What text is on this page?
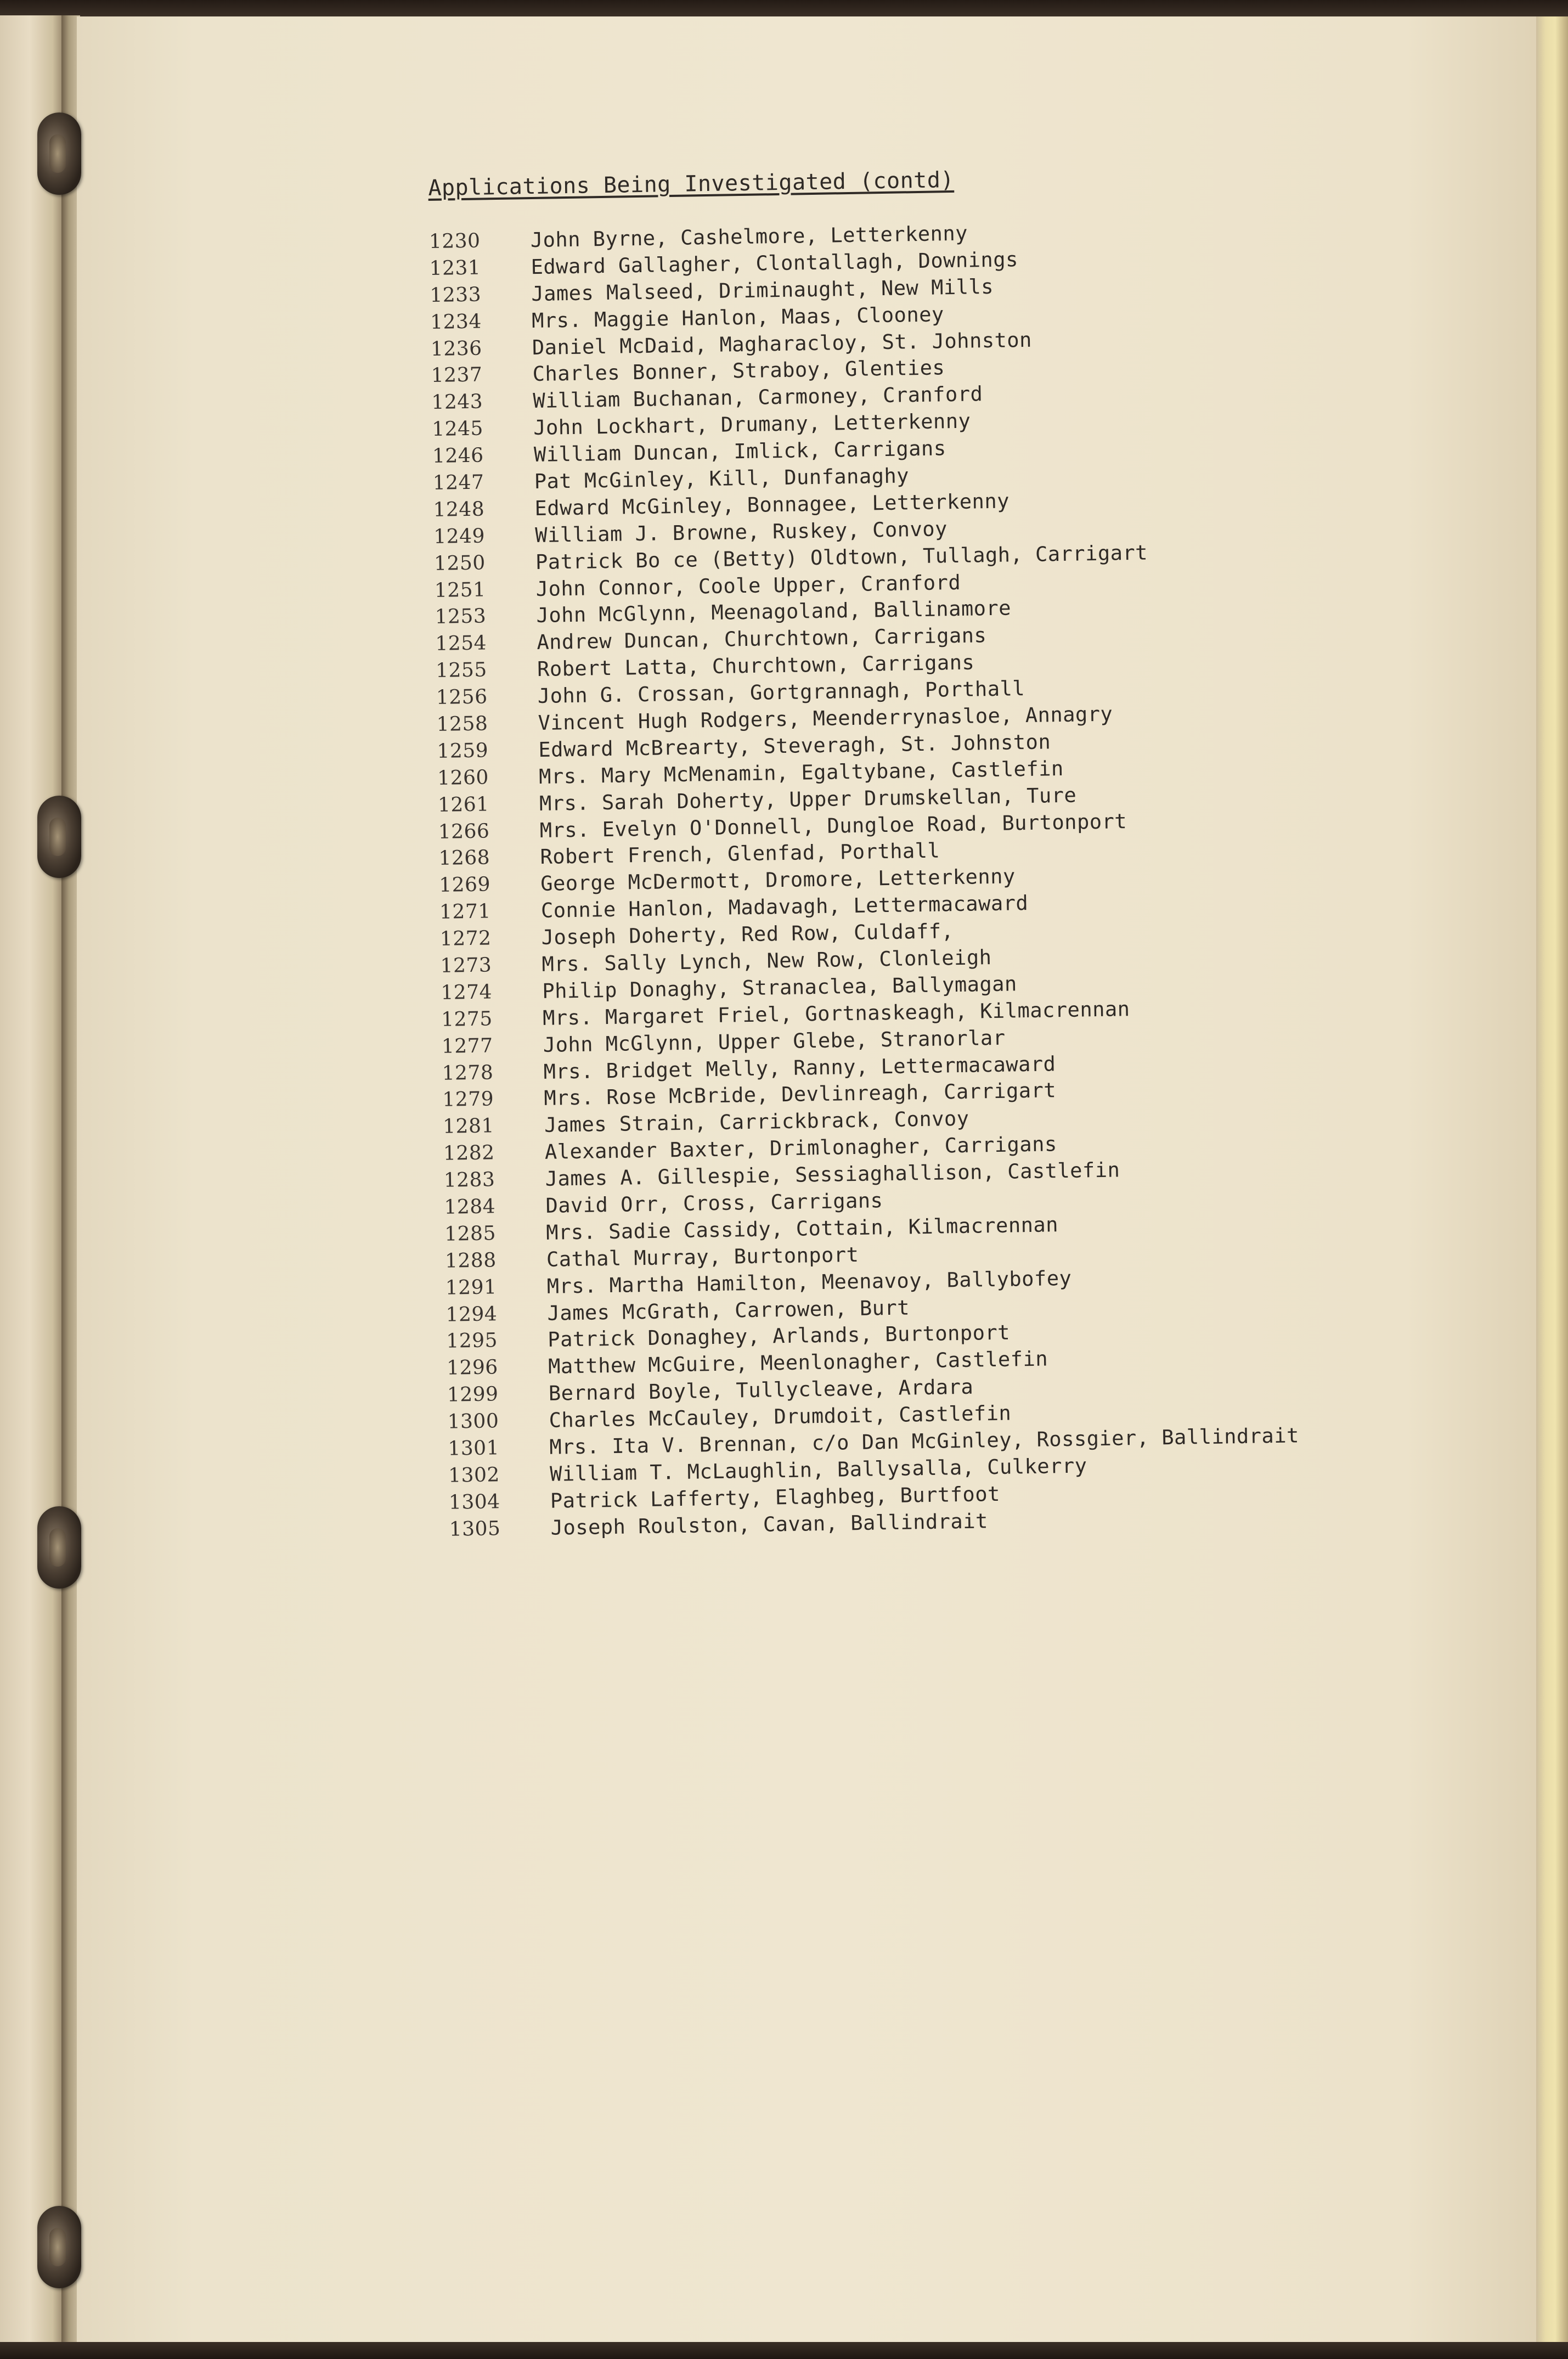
Applications Being Investigated (contd)
1230	John Byrne, Cashelmore, Letterkenny
1231	Edward Gallagher, Clontallagh, Downings
1233	James Malseed, Driminaught, New Mills
1234	Mrs. Maggie Hanlon, Maas, Clooney
1236	Daniel McDaid, Magharacloy, St. Johnston
1237	Charles Bonner, Straboy, Glenties
1243	William Buchanan, Carmoney, Cranford
1245	John Lockhart, Drumany, Letterkenny
1246	William Duncan, Imlick, Carrigans
1247	Pat McGinley, Kill, Dunfanaghy
1248	Edward McGinley, Bonnagee, Letterkenny
1249	William J. Browne, Ruskey, Convoy
1250	Patrick Bo ce (Betty) Oldtown, Tullagh, Carrigart
1251	John Connor, Coole Upper, Cranford
1253	John McGlynn, Meenagoland, Ballinamore
1254	Andrew Duncan, Churchtown, Carrigans
1255	Robert Latta, Churchtown, Carrigans
1256	John G. Crossan, Gortgrannagh, Porthall
1258	Vincent Hugh Rodgers, Meenderrynasloe, Annagry
1259	Edward McBrearty, Steveragh, St. Johnston
1260	Mrs. Mary McMenamin, Egaltybane, Castlefin
1261	Mrs. Sarah Doherty, Upper Drumskellan, Ture
1266	Mrs. Evelyn O'Donnell, Dungloe Road, Burtonport
1268	Robert French, Glenfad, Porthall
1269	George McDermott, Dromore, Letterkenny
1271	Connie Hanlon, Madavagh, Lettermacaward
1272	Joseph Doherty, Red Row, Culdaff,
1273	Mrs. Sally Lynch, New Row, Clonleigh
1274	Philip Donaghy, Stranaclea, Ballymagan
1275	Mrs. Margaret Friel, Gortnaskeagh, Kilmacrennan
1277	John McGlynn, Upper Glebe, Stranorlar
1278	Mrs. Bridget Melly, Ranny, Lettermacaward
1279	Mrs. Rose McBride, Devlinreagh, Carrigart
1281	James Strain, Carrickbrack, Convoy
1282	Alexander Baxter, Drimlonagher, Carrigans
1283	James A. Gillespie, Sessiaghallison, Castlefin
1284	David Orr, Cross, Carrigans
1285	Mrs. Sadie Cassidy, Cottain, Kilmacrennan
1288	Cathal Murray, Burtonport
1291	Mrs. Martha Hamilton, Meenavoy, Ballybofey
1294	James McGrath, Carrowen, Burt
1295	Patrick Donaghey, Arlands, Burtonport
1296	Matthew McGuire, Meenlonagher, Castlefin
1299	Bernard Boyle, Tullycleave, Ardara
1300	Charles McCauley, Drumdoit, Castlefin
1301	Mrs. Ita V. Brennan, c/o Dan McGinley, Rossgier, Ballindrait
1302	William T. McLaughlin, Ballysalla, Culkerry
1304	Patrick Lafferty, Elaghbeg, Burtfoot
1305	Joseph Roulston, Cavan, Ballindrait
